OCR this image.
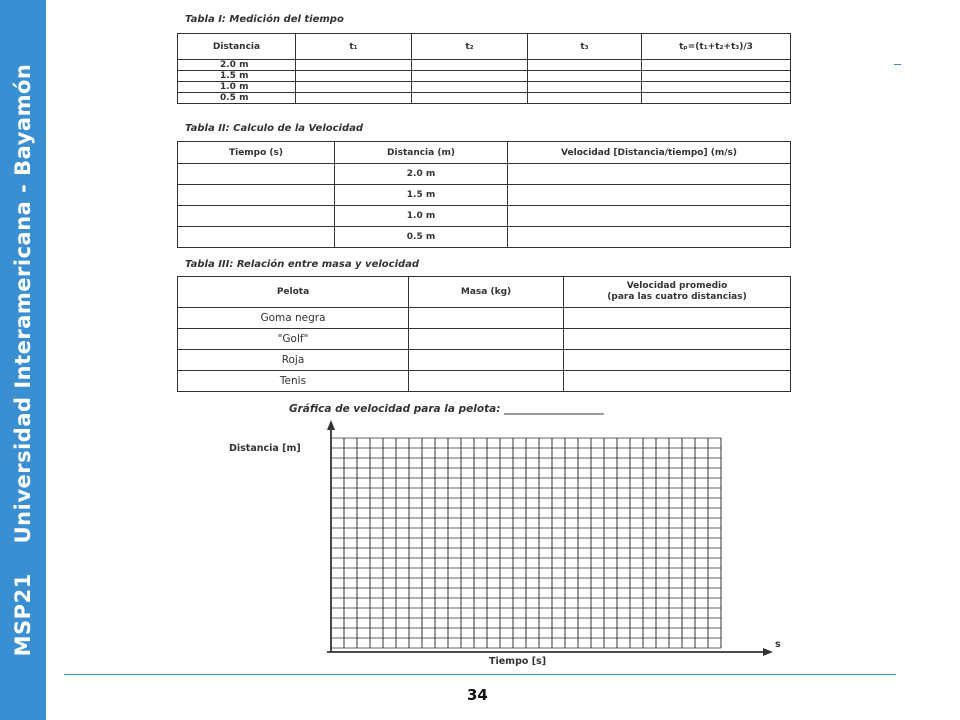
MSP21 Universidad Interamericana - Bayamón
Tabla I: Medición del tiempo
Distancia	t₁	t₂	t₃	tₚ=(t₁+t₂+t₃)/3
2.0 m				
1.5 m				
1.0 m				
0.5 m				
Tabla II: Calculo de la Velocidad
Tiempo (s)	Distancia (m)	Velocidad [Distancia/tiempo] (m/s)
	2.0 m	
	1.5 m	
	1.0 m	
	0.5 m	
Tabla III: Relación entre masa y velocidad
Pelota	Masa (kg)	Velocidad promedio
(para las cuatro distancias)
Goma negra		
"Golf"		
Roja		
Tenis		
Gráfica de velocidad para la pelota: ___________________
Distancia [m]
Tiempo [s]
s
34
